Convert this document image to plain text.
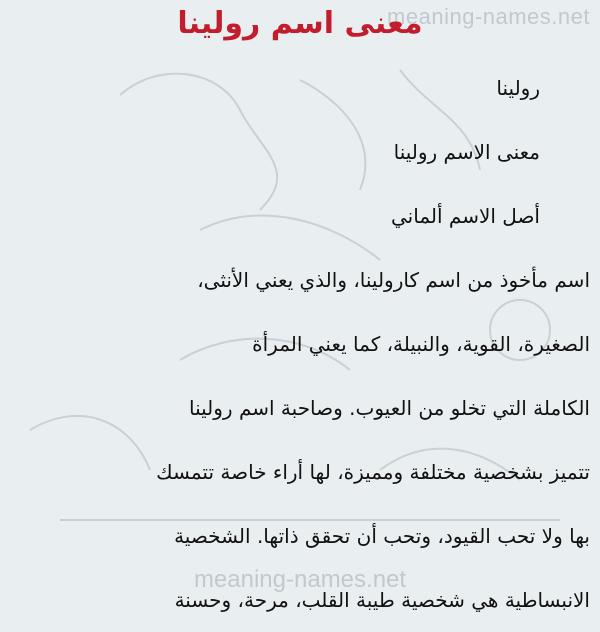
meaning-names.net
معنى اسم رولينا
رولينا
معنى الاسم رولينا
أصل الاسم ألماني
اسم مأخوذ من اسم كارولينا، والذي يعني الأنثى،
الصغيرة، القوية، والنبيلة، كما يعني المرأة
الكاملة التي تخلو من العيوب. وصاحبة اسم رولينا
تتميز بشخصية مختلفة ومميزة، لها أراء خاصة تتمسك
بها ولا تحب القيود، وتحب أن تحقق ذاتها. الشخصية
الانبساطية هي شخصية طيبة القلب، مرحة، وحسنة
meaning-names.net
